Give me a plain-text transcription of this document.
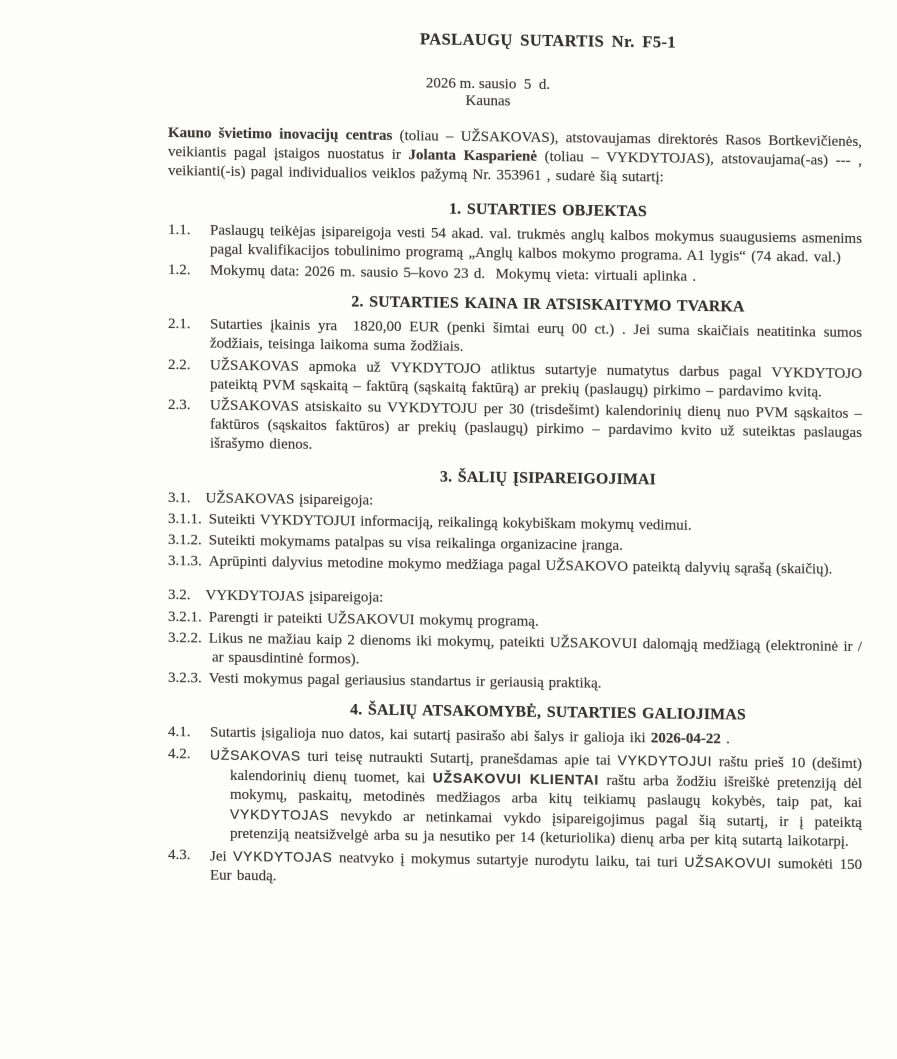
PASLAUGŲ SUTARTIS Nr. F5-1
2026 m. sausio  5  d.
Kaunas

Kauno švietimo inovacijų centras (toliau – UŽSAKOVAS), atstovaujamas direktorės Rasos Bortkevičienės, veikiantis pagal įstaigos nuostatus ir Jolanta Kasparienė (toliau – VYKDYTOJAS), atstovaujama(-as) --- , veikianti(-is) pagal individualios veiklos pažymą Nr. 353961 , sudarė šią sutartį:

1. SUTARTIES OBJEKTAS

1.1. Paslaugų teikėjas įsipareigoja vesti 54 akad. val. trukmės anglų kalbos mokymus suaugusiems asmenims pagal kvalifikacijos tobulinimo programą „Anglų kalbos mokymo programa. A1 lygis“ (74 akad. val.)

1.2. Mokymų data: 2026 m. sausio 5–kovo 23 d.  Mokymų vieta: virtuali aplinka .

2. SUTARTIES KAINA IR ATSISKAITYMO TVARKA

2.1. Sutarties įkainis yra  1820,00 EUR (penki šimtai eurų 00 ct.) . Jei suma skaičiais neatitinka sumos žodžiais, teisinga laikoma suma žodžiais.

2.2. UŽSAKOVAS apmoka už VYKDYTOJO atliktus sutartyje numatytus darbus pagal VYKDYTOJO pateiktą PVM sąskaitą – faktūrą (sąskaitą faktūrą) ar prekių (paslaugų) pirkimo – pardavimo kvitą.

2.3. UŽSAKOVAS atsiskaito su VYKDYTOJU per 30 (trisdešimt) kalendorinių dienų nuo PVM sąskaitos – faktūros (sąskaitos faktūros) ar prekių (paslaugų) pirkimo – pardavimo kvito už suteiktas paslaugas išrašymo dienos.

3. ŠALIŲ ĮSIPAREIGOJIMAI

3.1. UŽSAKOVAS įsipareigoja:

3.1.1. Suteikti VYKDYTOJUI informaciją, reikalingą kokybiškam mokymų vedimui.

3.1.2. Suteikti mokymams patalpas su visa reikalinga organizacine įranga.

3.1.3. Aprūpinti dalyvius metodine mokymo medžiaga pagal UŽSAKOVO pateiktą dalyvių sąrašą (skaičių).

3.2. VYKDYTOJAS įsipareigoja:

3.2.1. Parengti ir pateikti UŽSAKOVUI mokymų programą.

3.2.2. Likus ne mažiau kaip 2 dienoms iki mokymų, pateikti UŽSAKOVUI dalomąją medžiagą (elektroninė ir / ar spausdintinė formos).

3.2.3. Vesti mokymus pagal geriausius standartus ir geriausią praktiką.

4. ŠALIŲ ATSAKOMYBĖ, SUTARTIES GALIOJIMAS

4.1. Sutartis įsigalioja nuo datos, kai sutartį pasirašo abi šalys ir galioja iki 2026-04-22 .

4.2. UŽSAKOVAS turi teisę nutraukti Sutartį, pranešdamas apie tai VYKDYTOJUI raštu prieš 10 (dešimt) kalendorinių dienų tuomet, kai UŽSAKOVUI KLIENTAI raštu arba žodžiu išreiškė pretenziją dėl mokymų, paskaitų, metodinės medžiagos arba kitų teikiamų paslaugų kokybės, taip pat, kai VYKDYTOJAS nevykdo ar netinkamai vykdo įsipareigojimus pagal šią sutartį, ir į pateiktą pretenziją neatsižvelgė arba su ja nesutiko per 14 (keturiolika) dienų arba per kitą sutartą laikotarpį.

4.3. Jei VYKDYTOJAS neatvyko į mokymus sutartyje nurodytu laiku, tai turi UŽSAKOVUI sumokėti 150 Eur baudą.
